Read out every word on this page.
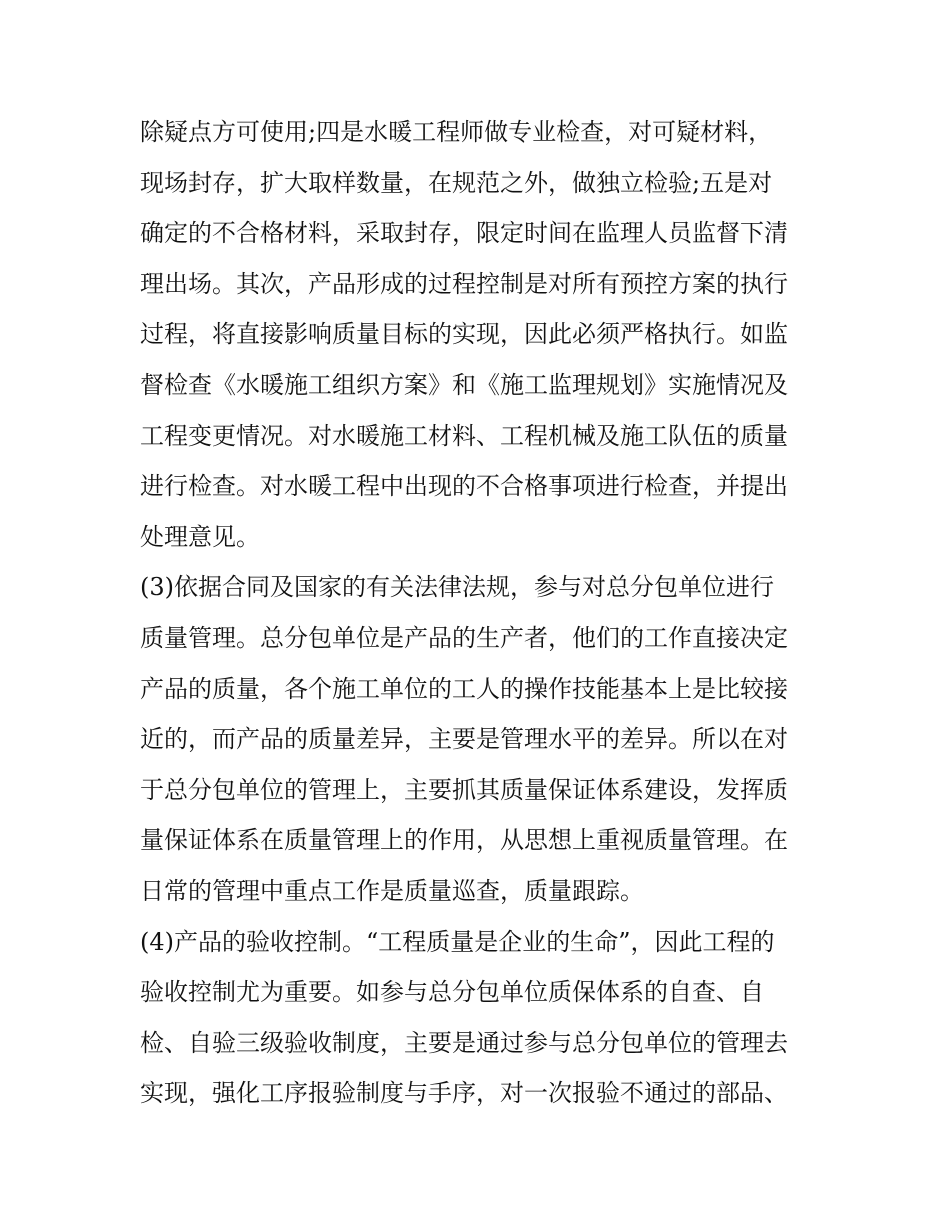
除疑点方可使用;四是水暖工程师做专业检查，对可疑材料，
现场封存，扩大取样数量，在规范之外，做独立检验;五是对
确定的不合格材料，采取封存，限定时间在监理人员监督下清
理出场。其次，产品形成的过程控制是对所有预控方案的执行
过程，将直接影响质量目标的实现，因此必须严格执行。如监
督检查《水暖施工组织方案》和《施工监理规划》实施情况及
工程变更情况。对水暖施工材料、工程机械及施工队伍的质量
进行检查。对水暖工程中出现的不合格事项进行检查，并提出
处理意见。
(3)依据合同及国家的有关法律法规，参与对总分包单位进行
质量管理。总分包单位是产品的生产者，他们的工作直接决定
产品的质量，各个施工单位的工人的操作技能基本上是比较接
近的，而产品的质量差异，主要是管理水平的差异。所以在对
于总分包单位的管理上，主要抓其质量保证体系建设，发挥质
量保证体系在质量管理上的作用，从思想上重视质量管理。在
日常的管理中重点工作是质量巡查，质量跟踪。
(4)产品的验收控制。“工程质量是企业的生命”，因此工程的
验收控制尤为重要。如参与总分包单位质保体系的自查、自
检、自验三级验收制度，主要是通过参与总分包单位的管理去
实现，强化工序报验制度与手序，对一次报验不通过的部品、
